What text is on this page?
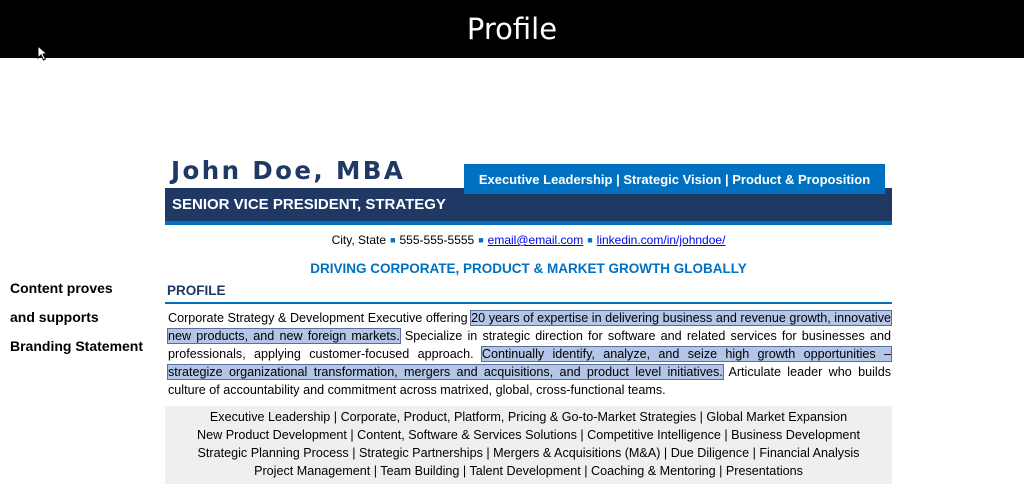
Profile
Content proves
and supports
Branding Statement
SENIOR VICE PRESIDENT, STRATEGY
John Doe, MBA	Executive Leadership | Strategic Vision | Product & Proposition
City, State ■ 555-555-5555 ■ email@email.com ■ linkedin.com/in/johndoe/
DRIVING CORPORATE, PRODUCT & MARKET GROWTH GLOBALLY
PROFILE
Corporate Strategy & Development Executive offering 20 years of expertise in delivering business and revenue growth, innovative new products, and new foreign markets. Specialize in strategic direction for software and related services for businesses and professionals, applying customer-focused approach. Continually identify, analyze, and seize high growth opportunities – strategize organizational transformation, mergers and acquisitions, and product level initiatives. Articulate leader who builds culture of accountability and commitment across matrixed, global, cross-functional teams.
Executive Leadership | Corporate, Product, Platform, Pricing & Go-to-Market Strategies | Global Market Expansion
New Product Development | Content, Software & Services Solutions | Competitive Intelligence | Business Development
Strategic Planning Process | Strategic Partnerships | Mergers & Acquisitions (M&A) | Due Diligence | Financial Analysis
Project Management | Team Building | Talent Development | Coaching & Mentoring | Presentations
